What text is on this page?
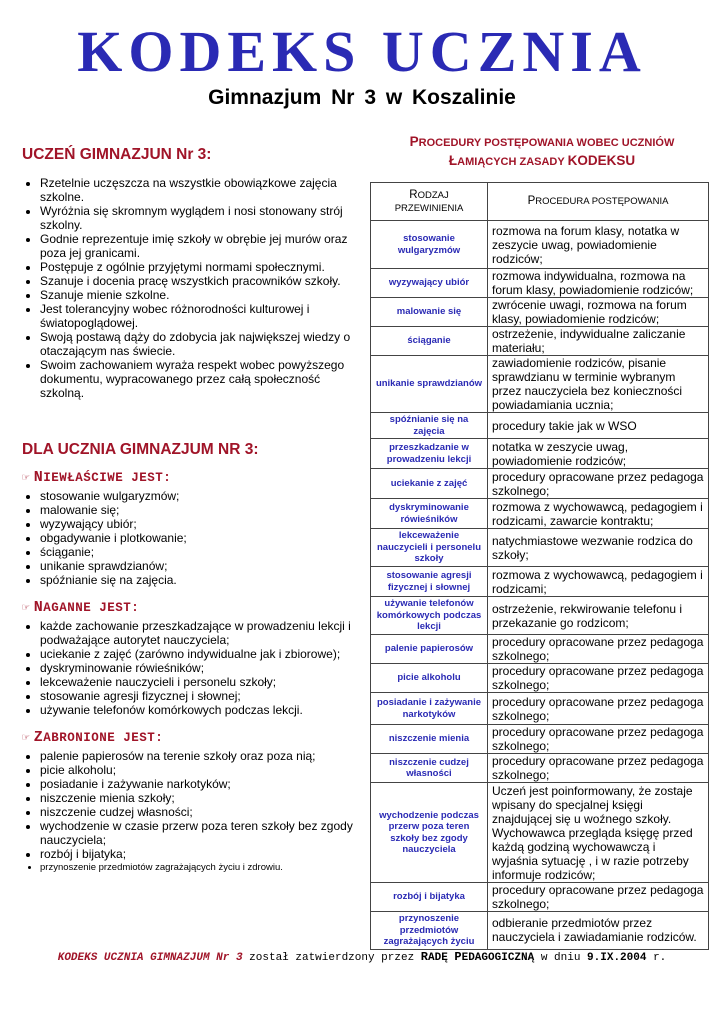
KODEKS UCZNIA
Gimnazjum Nr 3 w Koszalinie
UCZEŃ GIMNAZJUN Nr 3:
• Rzetelnie uczęszcza na wszystkie obowiązkowe zajęcia szkolne.
• Wyróżnia się skromnym wyglądem i nosi stonowany strój szkolny.
• Godnie reprezentuje imię szkoły w obrębie jej murów oraz poza jej granicami.
• Postępuje z ogólnie przyjętymi normami społecznymi.
• Szanuje i docenia pracę wszystkich pracowników szkoły.
• Szanuje mienie szkolne.
• Jest tolerancyjny wobec różnorodności kulturowej i światopoglądowej.
• Swoją postawą dąży do zdobycia jak największej wiedzy o otaczającym nas świecie.
• Swoim zachowaniem wyraża respekt wobec powyższego dokumentu, wypracowanego przez całą społeczność szkolną.
DLA UCZNIA GIMNAZJUM NR 3:
☞ NIEWŁAŚCIWE JEST:
• stosowanie wulgaryzmów;
• malowanie się;
• wyzywający ubiór;
• obgadywanie i plotkowanie;
• ściąganie;
• unikanie sprawdzianów;
• spóźnianie się na zajęcia.
☞ NAGANNE JEST:
• każde zachowanie przeszkadzające w prowadzeniu lekcji i podważające autorytet nauczyciela;
• uciekanie z zajęć (zarówno indywidualne jak i zbiorowe);
• dyskryminowanie rówieśników;
• lekceważenie nauczycieli i personelu szkoły;
• stosowanie agresji fizycznej i słownej;
• używanie telefonów komórkowych podczas lekcji.
☞ ZABRONIONE JEST:
• palenie papierosów na terenie szkoły oraz poza nią;
• picie alkoholu;
• posiadanie i zażywanie narkotyków;
• niszczenie mienia szkoły;
• niszczenie cudzej własności;
• wychodzenie w czasie przerw poza teren szkoły bez zgody nauczyciela;
• rozbój i bijatyka;
• przynoszenie przedmiotów zagrażających życiu i zdrowiu.
PROCEDURY POSTĘPOWANIA WOBEC UCZNIÓW
ŁAMIĄCYCH ZASADY KODEKSU
RODZAJ
PRZEWINIENIA	PROCEDURA POSTĘPOWANIA
stosowanie wulgaryzmów	rozmowa na forum klasy, notatka w zeszycie uwag, powiadomienie rodziców;
wyzywający ubiór	rozmowa indywidualna, rozmowa na forum klasy, powiadomienie rodziców;
malowanie się	zwrócenie uwagi, rozmowa na forum klasy, powiadomienie rodziców;
ściąganie	ostrzeżenie, indywidualne zaliczanie materiału;
unikanie sprawdzianów	zawiadomienie rodziców, pisanie sprawdzianu w terminie wybranym przez nauczyciela bez konieczności powiadamiania ucznia;
spóźnianie się na zajęcia	procedury takie jak w WSO
przeszkadzanie w prowadzeniu lekcji	notatka w zeszycie uwag, powiadomienie rodziców;
uciekanie z zajęć	procedury opracowane przez pedagoga szkolnego;
dyskryminowanie rówieśników	rozmowa z wychowawcą, pedagogiem i rodzicami, zawarcie kontraktu;
lekceważenie nauczycieli i personelu szkoły	natychmiastowe wezwanie rodzica do szkoły;
stosowanie agresji fizycznej i słownej	rozmowa z wychowawcą, pedagogiem i rodzicami;
używanie telefonów komórkowych podczas lekcji	ostrzeżenie, rekwirowanie telefonu i przekazanie go rodzicom;
palenie papierosów	procedury opracowane przez pedagoga szkolnego;
picie alkoholu	procedury opracowane przez pedagoga szkolnego;
posiadanie i zażywanie narkotyków	procedury opracowane przez pedagoga szkolnego;
niszczenie mienia	procedury opracowane przez pedagoga szkolnego;
niszczenie cudzej własności	procedury opracowane przez pedagoga szkolnego;
wychodzenie podczas przerw poza teren szkoły bez zgody nauczyciela	Uczeń jest poinformowany, że zostaje wpisany do specjalnej księgi znajdującej się u woźnego szkoły. Wychowawca przegląda księgę przed każdą godziną wychowawczą i wyjaśnia sytuację , i w razie potrzeby informuje rodziców;
rozbój i bijatyka	procedury opracowane przez pedagoga szkolnego;
przynoszenie przedmiotów zagrażających życiu	odbieranie przedmiotów przez nauczyciela i zawiadamianie rodziców.
KODEKS UCZNIA GIMNAZJUM Nr 3 został zatwierdzony przez RADĘ PEDAGOGICZNĄ w dniu 9.IX.2004 r.
